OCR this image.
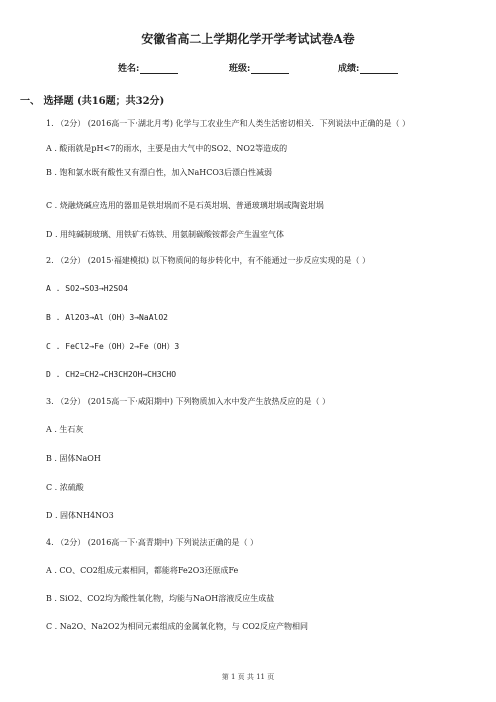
安徽省高二上学期化学开学考试试卷A卷
姓名:	班级:	成绩:
一、 选择题 (共16题；共32分)
1. （2分） (2016高一下·湖北月考) 化学与工农业生产和人类生活密切相关．下列说法中正确的是（ ）
A . 酸雨就是pH<7的雨水，主要是由大气中的SO2、NO2等造成的
B . 饱和氯水既有酸性又有漂白性，加入NaHCO3后漂白性减弱
C . 烧融烧碱应选用的器皿是铁坩埚而不是石英坩埚、普通玻璃坩埚或陶瓷坩埚
D . 用纯碱制玻璃、用铁矿石炼铁、用氨制碳酸铵都会产生温室气体
2. （2分） (2015·福建模拟) 以下物质间的每步转化中，有不能通过一步反应实现的是（ ）
A . SO2→SO3→H2SO4
B . Al2O3→Al（OH）3→NaAlO2
C . FeCl2→Fe（OH）2→Fe（OH）3
D . CH2=CH2→CH3CH2OH→CH3CHO
3. （2分） (2015高一下·咸阳期中) 下列物质加入水中发产生放热反应的是（ ）
A . 生石灰
B . 固体NaOH
C . 浓硫酸
D . 固体NH4NO3
4. （2分） (2016高一下·高青期中) 下列说法正确的是（ ）
A . CO、CO2组成元素相同，都能将Fe2O3还原成Fe
B . SiO2、CO2均为酸性氧化物，均能与NaOH溶液反应生成盐
C . Na2O、Na2O2为相同元素组成的金属氧化物，与 CO2反应产物相同
第 1 页 共 11 页
